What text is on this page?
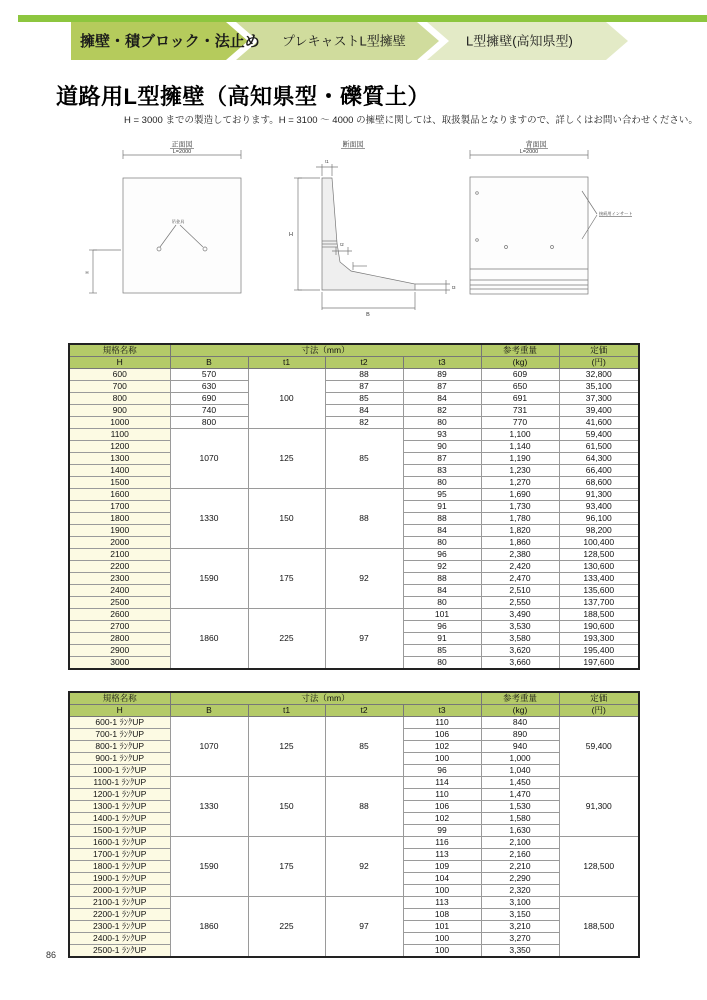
擁壁・積ブロック・法止め プレキャストL型擁壁	L型擁壁(高知県型)
道路用L型擁壁（高知県型・礫質土）
H = 3000 までの製造しております。H = 3100 ～ 4000 の擁壁に関しては、取扱製品となりますので、詳しくはお問い合わせください。
正面図
L=2000
H
吊金具
断面図
t1
H
t2
t3
B
背面図
L=2000
接続用インサート
規格名称	寸法（mm）				参考重量	定価
H	B	t1	t2	t3	(kg)	(円)
600	570	100	88	89	609	32,800
700	630		87	87	650	35,100
800	690		85	84	691	37,300
900	740		84	82	731	39,400
1000	800		82	80	770	41,600
1100	1070	125	85	93	1,100	59,400
1200				90	1,140	61,500
1300				87	1,190	64,300
1400				83	1,230	66,400
1500				80	1,270	68,600
1600	1330	150	88	95	1,690	91,300
1700				91	1,730	93,400
1800				88	1,780	96,100
1900				84	1,820	98,200
2000				80	1,860	100,400
2100	1590	175	92	96	2,380	128,500
2200				92	2,420	130,600
2300				88	2,470	133,400
2400				84	2,510	135,600
2500				80	2,550	137,700
2600	1860	225	97	101	3,490	188,500
2700				96	3,530	190,600
2800				91	3,580	193,300
2900				85	3,620	195,400
3000				80	3,660	197,600
規格名称	寸法（mm）				参考重量	定価
H	B	t1	t2	t3	(kg)	(円)
600-1 ﾗﾝｸUP	1070	125	85	110	840	59,400
700-1 ﾗﾝｸUP				106	890	
800-1 ﾗﾝｸUP				102	940	
900-1 ﾗﾝｸUP				100	1,000	
1000-1 ﾗﾝｸUP				96	1,040	
1100-1 ﾗﾝｸUP	1330	150	88	114	1,450	91,300
1200-1 ﾗﾝｸUP				110	1,470	
1300-1 ﾗﾝｸUP				106	1,530	
1400-1 ﾗﾝｸUP				102	1,580	
1500-1 ﾗﾝｸUP				99	1,630	
1600-1 ﾗﾝｸUP	1590	175	92	116	2,100	128,500
1700-1 ﾗﾝｸUP				113	2,160	
1800-1 ﾗﾝｸUP				109	2,210	
1900-1 ﾗﾝｸUP				104	2,290	
2000-1 ﾗﾝｸUP				100	2,320	
2100-1 ﾗﾝｸUP	1860	225	97	113	3,100	188,500
2200-1 ﾗﾝｸUP				108	3,150	
2300-1 ﾗﾝｸUP				101	3,210	
2400-1 ﾗﾝｸUP				100	3,270	
2500-1 ﾗﾝｸUP				100	3,350	
86
